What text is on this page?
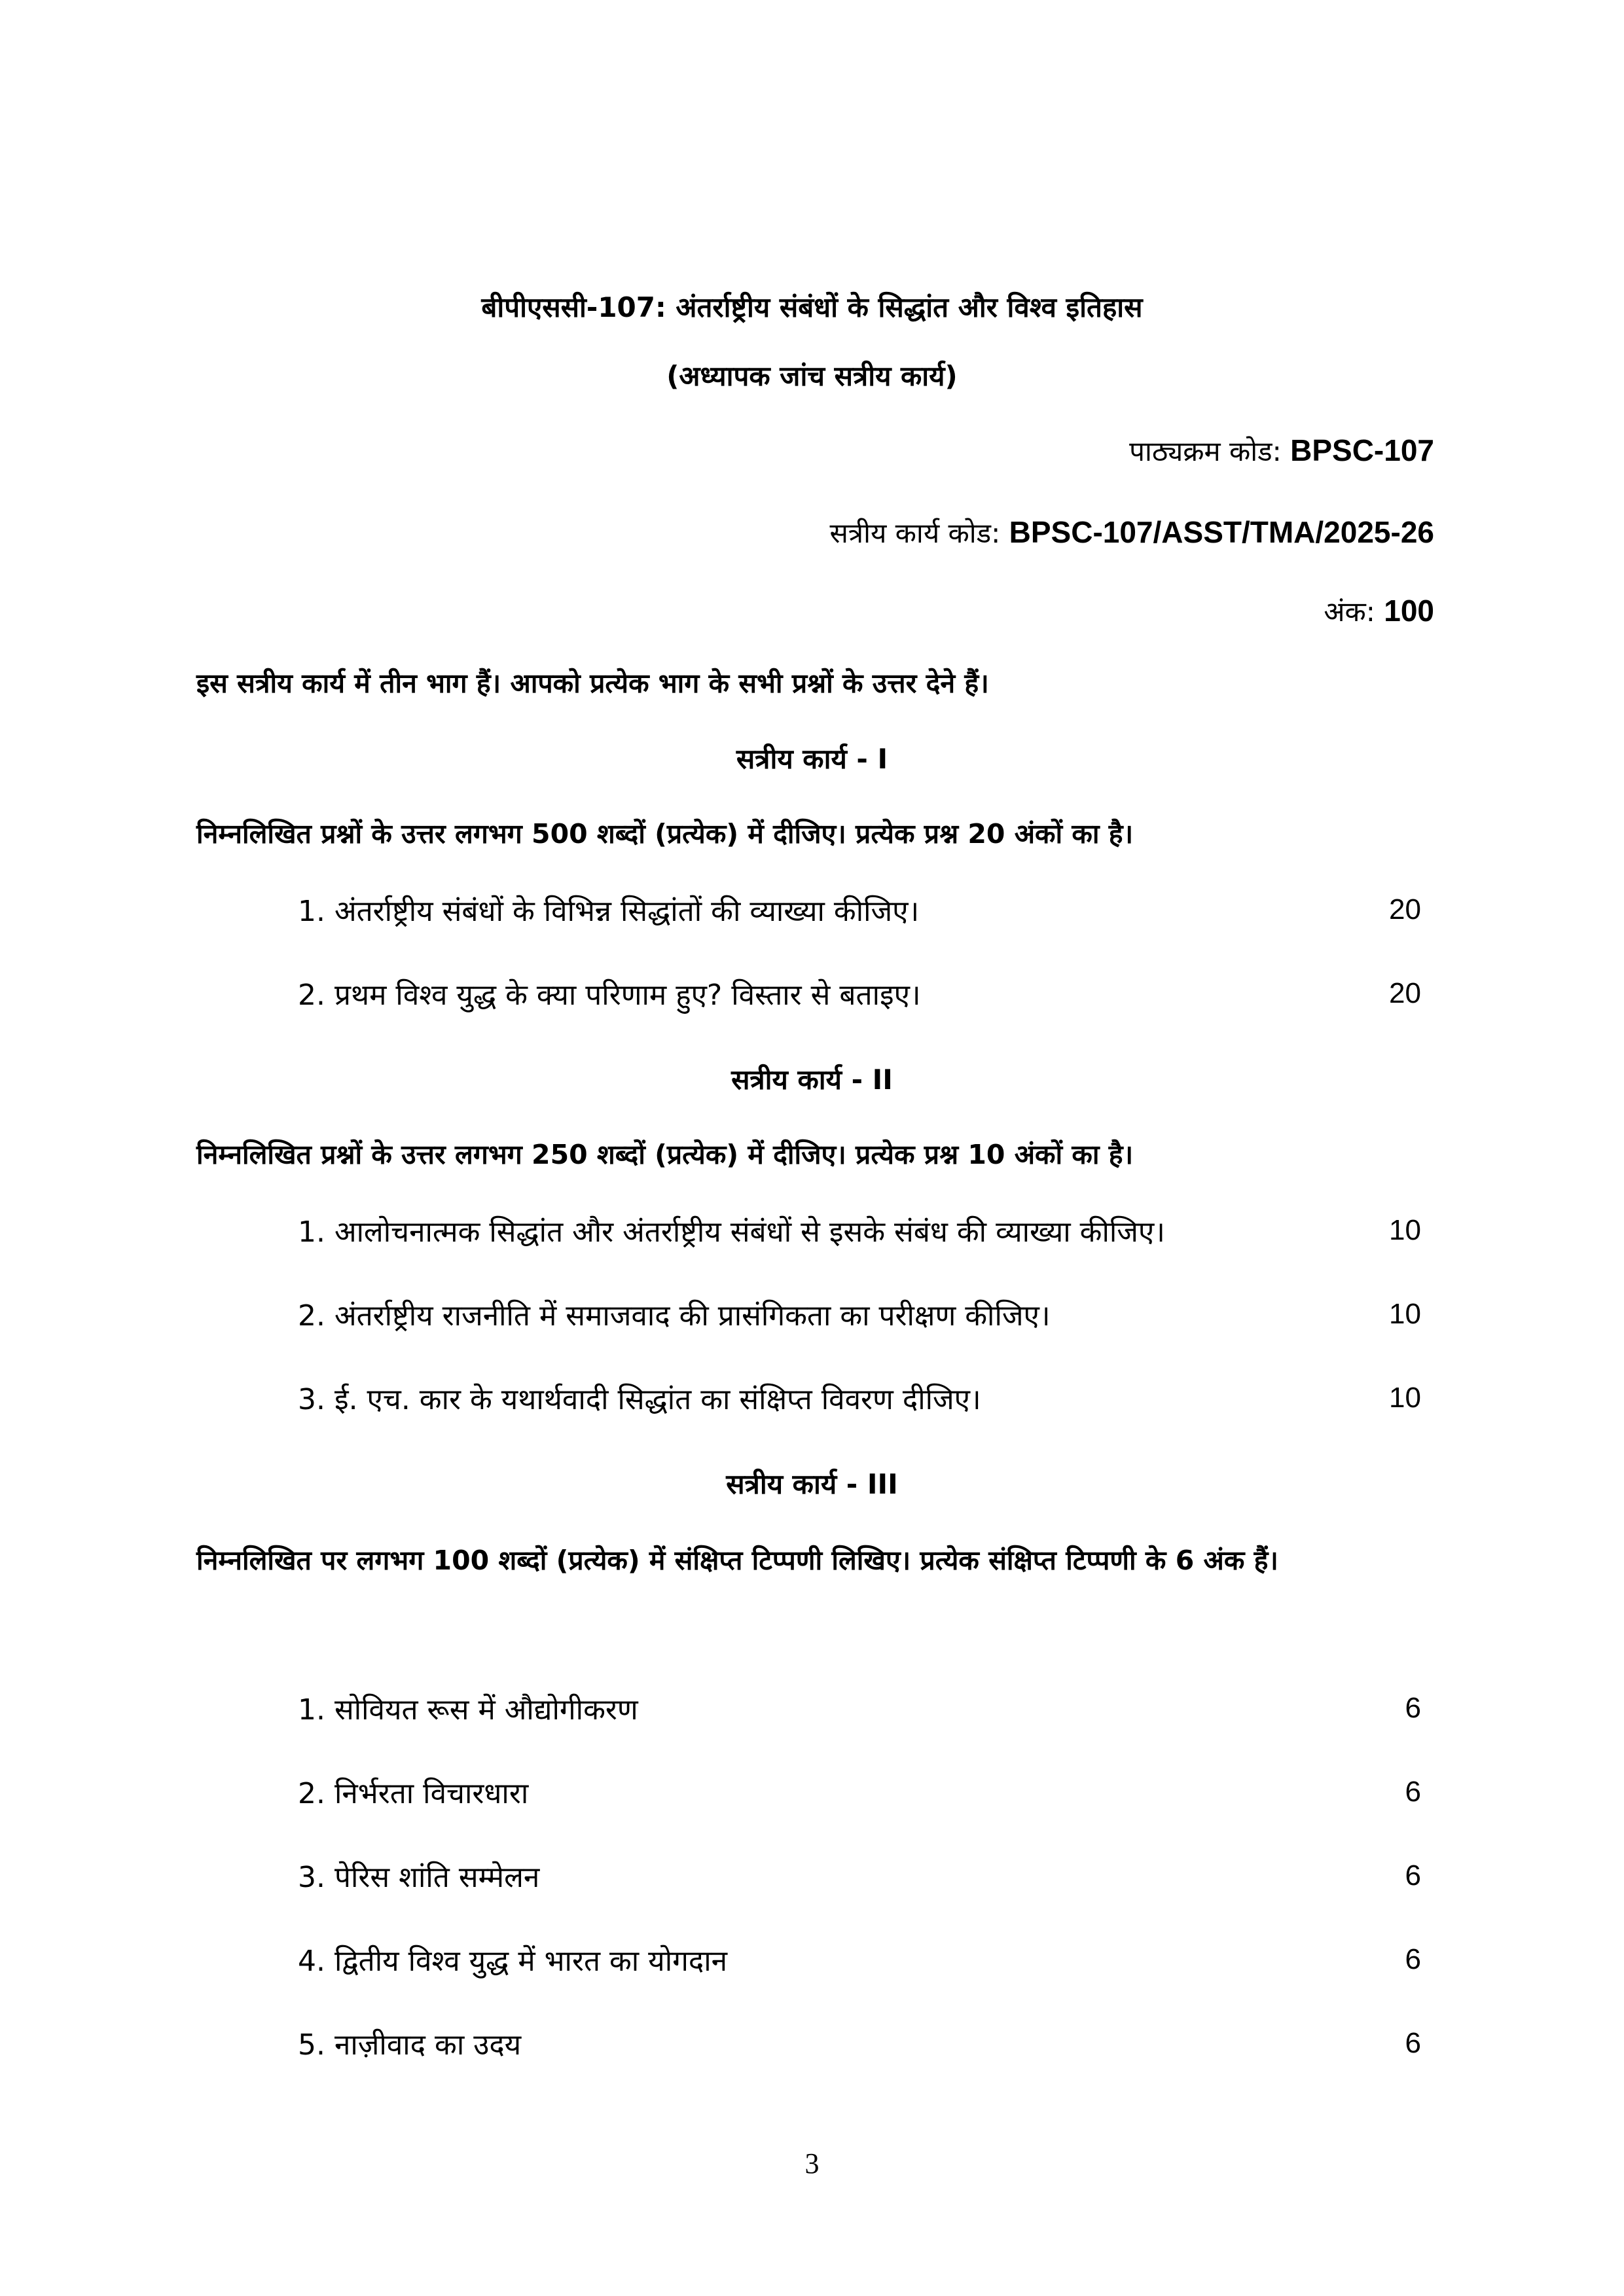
बीपीएससी-107: अंतर्राष्ट्रीय संबंधों के सिद्धांत और विश्व इतिहास
(अध्यापक जांच सत्रीय कार्य)
पाठ्यक्रम कोड: BPSC-107
सत्रीय कार्य कोड: BPSC-107/ASST/TMA/2025-26
अंक: 100
इस सत्रीय कार्य में तीन भाग हैं। आपको प्रत्येक भाग के सभी प्रश्नों के उत्तर देने हैं।
सत्रीय कार्य - I
निम्नलिखित प्रश्नों के उत्तर लगभग 500 शब्दों (प्रत्येक) में दीजिए। प्रत्येक प्रश्न 20 अंकों का है।
1. अंतर्राष्ट्रीय संबंधों के विभिन्न सिद्धांतों की व्याख्या कीजिए।	20
2. प्रथम विश्व युद्ध के क्या परिणाम हुए? विस्तार से बताइए।	20
सत्रीय कार्य - II
निम्नलिखित प्रश्नों के उत्तर लगभग 250 शब्दों (प्रत्येक) में दीजिए। प्रत्येक प्रश्न 10 अंकों का है।
1. आलोचनात्मक सिद्धांत और अंतर्राष्ट्रीय संबंधों से इसके संबंध की व्याख्या कीजिए।	10
2. अंतर्राष्ट्रीय राजनीति में समाजवाद की प्रासंगिकता का परीक्षण कीजिए।	10
3. ई. एच. कार के यथार्थवादी सिद्धांत का संक्षिप्त विवरण दीजिए।	10
सत्रीय कार्य - III
निम्नलिखित पर लगभग 100 शब्दों (प्रत्येक) में संक्षिप्त टिप्पणी लिखिए। प्रत्येक संक्षिप्त टिप्पणी के 6 अंक हैं।
1. सोवियत रूस में औद्योगीकरण	6
2. निर्भरता विचारधारा	6
3. पेरिस शांति सम्मेलन	6
4. द्वितीय विश्व युद्ध में भारत का योगदान	6
5. नाज़ीवाद का उदय	6
3
